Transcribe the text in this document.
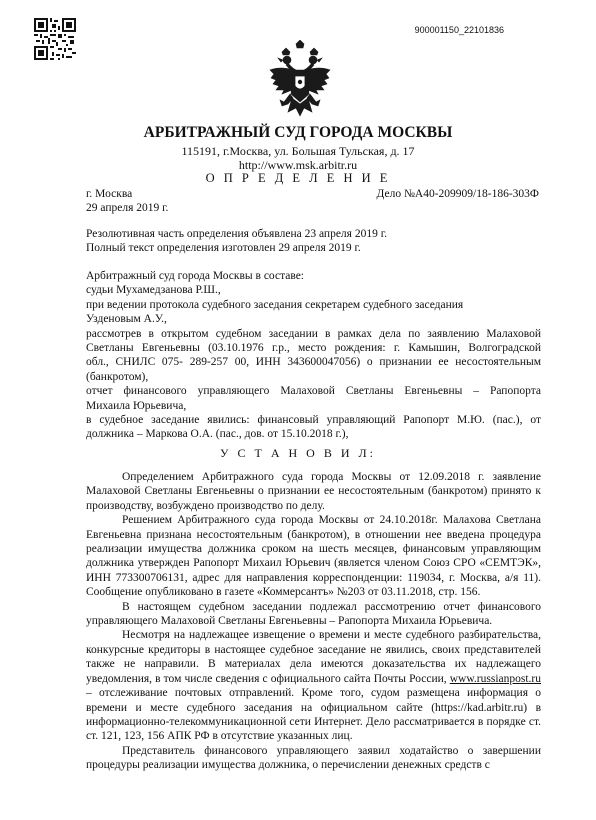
900001150_22101836
АРБИТРАЖНЫЙ СУД ГОРОДА МОСКВЫ
115191, г.Москва, ул. Большая Тульская, д. 17
http://www.msk.arbitr.ru
О П Р Е Д Е Л Е Н И Е
г. Москва	Дело №А40-209909/18-186-303Ф
29 апреля 2019 г.
Резолютивная часть определения объявлена 23 апреля 2019 г.
Полный текст определения изготовлен 29 апреля 2019 г.
Арбитражный суд города Москвы в составе:
судьи Мухамедзанова Р.Ш.,
при ведении протокола судебного заседания секретарем судебного заседания
Узденовым А.У.,
рассмотрев в открытом судебном заседании в рамках дела по заявлению Малаховой
Светланы Евгеньевны (03.10.1976 г.р., место рождения: г. Камышин, Волгоградской
обл., СНИЛС 075- 289-257 00, ИНН 343600047056) о признании ее несостоятельным
(банкротом),
отчет финансового управляющего Малаховой Светланы Евгеньевны – Рапопорта
Михаила Юрьевича,
в судебное заседание явились: финансовый управляющий Рапопорт М.Ю. (пас.), от
должника – Маркова О.А. (пас., дов. от 15.10.2018 г.),
У С Т А Н О В И Л:

Определением Арбитражного суда города Москвы от 12.09.2018 г. заявление Малаховой Светланы Евгеньевны о признании ее несостоятельным (банкротом) принято к производству, возбуждено производство по делу.

Решением Арбитражного суда города Москвы от 24.10.2018г. Малахова Светлана Евгеньевна признана несостоятельным (банкротом), в отношении нее введена процедура реализации имущества должника сроком на шесть месяцев, финансовым управляющим должника утвержден Рапопорт Михаил Юрьевич (является членом Союз СРО «СЕМТЭК», ИНН 773300706131, адрес для направления корреспонденции: 119034, г. Москва, а/я 11). Сообщение опубликовано в газете «Коммерсантъ» №203 от 03.11.2018, стр. 156.

В настоящем судебном заседании подлежал рассмотрению отчет финансового управляющего Малаховой Светланы Евгеньевны – Рапопорта Михаила Юрьевича.

Несмотря на надлежащее извещение о времени и месте судебного разбирательства, конкурсные кредиторы в настоящее судебное заседание не явились, своих представителей также не направили. В материалах дела имеются доказательства их надлежащего уведомления, в том числе сведения с официального сайта Почты России, www.russianpost.ru – отслеживание почтовых отправлений. Кроме того, судом размещена информация о времени и месте судебного заседания на официальном сайте (https://kad.arbitr.ru) в информационно-телекоммуникационной сети Интернет. Дело рассматривается в порядке ст. ст. 121, 123, 156 АПК РФ в отсутствие указанных лиц.

Представитель финансового управляющего заявил ходатайство о завершении процедуры реализации имущества должника, о перечислении денежных средств с
